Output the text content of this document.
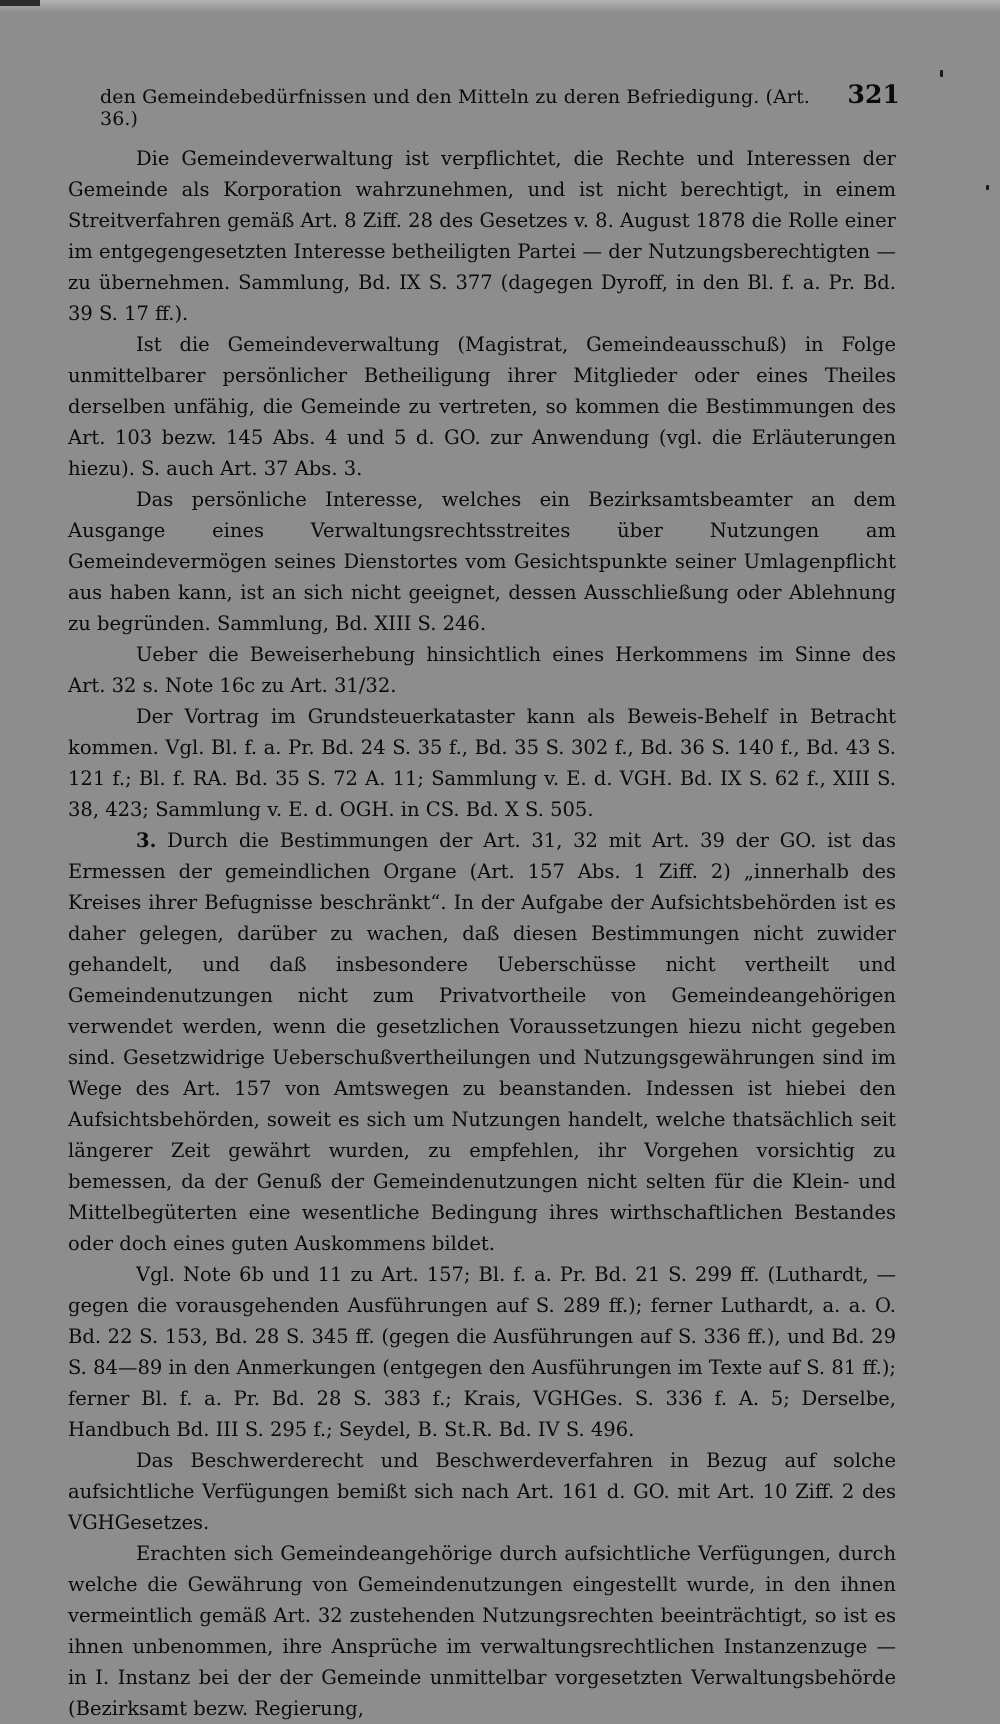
den Gemeindebedürfnissen und den Mitteln zu deren Befriedigung. (Art. 36.)
321

Die Gemeindeverwaltung ist verpflichtet, die Rechte und Interessen der Gemeinde als Korporation wahrzunehmen, und ist nicht berechtigt, in einem Streitverfahren gemäß Art. 8 Ziff. 28 des Gesetzes v. 8. August 1878 die Rolle einer im entgegengesetzten Interesse betheiligten Partei — der Nutzungsberechtigten — zu übernehmen. Sammlung, Bd. IX S. 377 (dagegen Dyroff, in den Bl. f. a. Pr. Bd. 39 S. 17 ff.).

Ist die Gemeindeverwaltung (Magistrat, Gemeindeausschuß) in Folge unmittelbarer persönlicher Betheiligung ihrer Mitglieder oder eines Theiles derselben unfähig, die Gemeinde zu vertreten, so kommen die Bestimmungen des Art. 103 bezw. 145 Abs. 4 und 5 d. GO. zur Anwendung (vgl. die Erläuterungen hiezu). S. auch Art. 37 Abs. 3.

Das persönliche Interesse, welches ein Bezirksamtsbeamter an dem Ausgange eines Verwaltungsrechtsstreites über Nutzungen am Gemeindevermögen seines Dienstortes vom Gesichtspunkte seiner Umlagenpflicht aus haben kann, ist an sich nicht geeignet, dessen Ausschließung oder Ablehnung zu begründen. Sammlung, Bd. XIII S. 246.

Ueber die Beweiserhebung hinsichtlich eines Herkommens im Sinne des Art. 32 s. Note 16c zu Art. 31/32.

Der Vortrag im Grundsteuerkataster kann als Beweis-Behelf in Betracht kommen. Vgl. Bl. f. a. Pr. Bd. 24 S. 35 f., Bd. 35 S. 302 f., Bd. 36 S. 140 f., Bd. 43 S. 121 f.; Bl. f. RA. Bd. 35 S. 72 A. 11; Sammlung v. E. d. VGH. Bd. IX S. 62 f., XIII S. 38, 423; Sammlung v. E. d. OGH. in CS. Bd. X S. 505.

3. Durch die Bestimmungen der Art. 31, 32 mit Art. 39 der GO. ist das Ermessen der gemeindlichen Organe (Art. 157 Abs. 1 Ziff. 2) „innerhalb des Kreises ihrer Befugnisse beschränkt“. In der Aufgabe der Aufsichtsbehörden ist es daher gelegen, darüber zu wachen, daß diesen Bestimmungen nicht zuwider gehandelt, und daß insbesondere Ueberschüsse nicht vertheilt und Gemeindenutzungen nicht zum Privatvortheile von Gemeindeangehörigen verwendet werden, wenn die gesetzlichen Voraussetzungen hiezu nicht gegeben sind. Gesetzwidrige Ueberschußvertheilungen und Nutzungsgewährungen sind im Wege des Art. 157 von Amtswegen zu beanstanden. Indessen ist hiebei den Aufsichtsbehörden, soweit es sich um Nutzungen handelt, welche thatsächlich seit längerer Zeit gewährt wurden, zu empfehlen, ihr Vorgehen vorsichtig zu bemessen, da der Genuß der Gemeindenutzungen nicht selten für die Klein- und Mittelbegüterten eine wesentliche Bedingung ihres wirthschaftlichen Bestandes oder doch eines guten Auskommens bildet.

Vgl. Note 6b und 11 zu Art. 157; Bl. f. a. Pr. Bd. 21 S. 299 ff. (Luthardt, — gegen die vorausgehenden Ausführungen auf S. 289 ff.); ferner Luthardt, a. a. O. Bd. 22 S. 153, Bd. 28 S. 345 ff. (gegen die Ausführungen auf S. 336 ff.), und Bd. 29 S. 84—89 in den Anmerkungen (entgegen den Ausführungen im Texte auf S. 81 ff.); ferner Bl. f. a. Pr. Bd. 28 S. 383 f.; Krais, VGHGes. S. 336 f. A. 5; Derselbe, Handbuch Bd. III S. 295 f.; Seydel, B. St.R. Bd. IV S. 496.

Das Beschwerderecht und Beschwerdeverfahren in Bezug auf solche aufsichtliche Verfügungen bemißt sich nach Art. 161 d. GO. mit Art. 10 Ziff. 2 des VGHGesetzes.

Erachten sich Gemeindeangehörige durch aufsichtliche Verfügungen, durch welche die Gewährung von Gemeindenutzungen eingestellt wurde, in den ihnen vermeintlich gemäß Art. 32 zustehenden Nutzungsrechten beeinträchtigt, so ist es ihnen unbenommen, ihre Ansprüche im verwaltungsrechtlichen Instanzenzuge — in I. Instanz bei der der Gemeinde unmittelbar vorgesetzten Verwaltungsbehörde (Bezirksamt bezw. Regierung,
